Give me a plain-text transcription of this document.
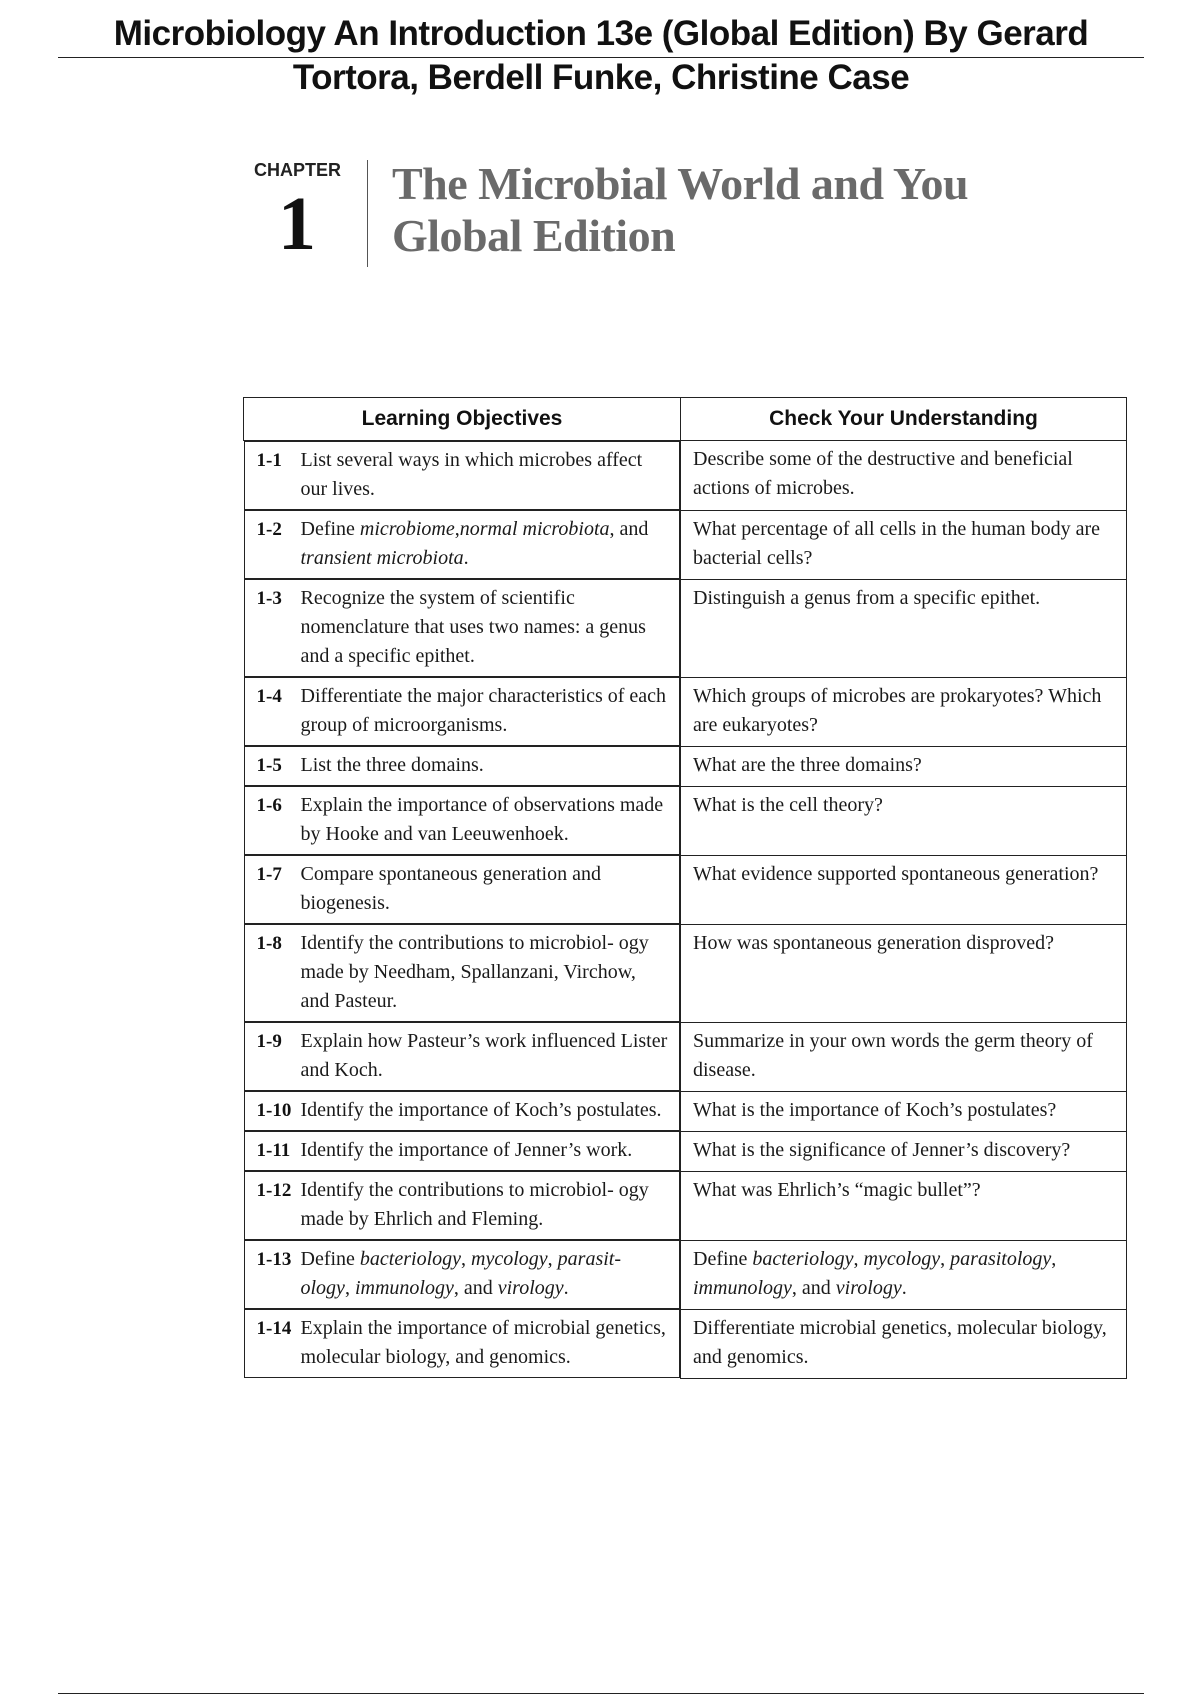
Microbiology An Introduction 13e (Global Edition) By Gerard
Tortora, Berdell Funke, Christine Case
CHAPTER
1 The Microbial World and You
Global Edition
Learning Objectives	Check Your Understanding

1-1 List several ways in which microbes affect our lives.
Describe some of the destructive and beneficial actions of microbes.

1-2 Define microbiome,normal microbiota, and transient microbiota.
What percentage of all cells in the human body are bacterial cells?

1-3 Recognize the system of scientific nomenclature that uses two names: a genus and a specific epithet.
Distinguish a genus from a specific epithet.

1-4 Differentiate the major characteristics of each group of microorganisms.
Which groups of microbes are prokaryotes? Which are eukaryotes?

1-5 List the three domains.	What are the three domains?

1-6 Explain the importance of observations made by Hooke and van Leeuwenhoek.
What is the cell theory?

1-7 Compare spontaneous generation and biogenesis.
What evidence supported spontaneous generation?

1-8 Identify the contributions to microbiol- ogy made by Needham, Spallanzani, Virchow, and Pasteur.
How was spontaneous generation disproved?

1-9 Explain how Pasteur’s work influenced Lister and Koch.
Summarize in your own words the germ theory of disease.

1-10 Identify the importance of Koch’s postulates.	What is the importance of Koch’s postulates?

1-11 Identify the importance of Jenner’s work.	What is the significance of Jenner’s discovery?

1-12 Identify the contributions to microbiol- ogy made by Ehrlich and Fleming.
What was Ehrlich’s “magic bullet”?

1-13 Define bacteriology, mycology, parasit- ology, immunology, and virology.
Define bacteriology, mycology, parasitology, immunology, and virology.

1-14 Explain the importance of microbial genetics, molecular biology, and genomics.
Differentiate microbial genetics, molecular biology, and genomics.
